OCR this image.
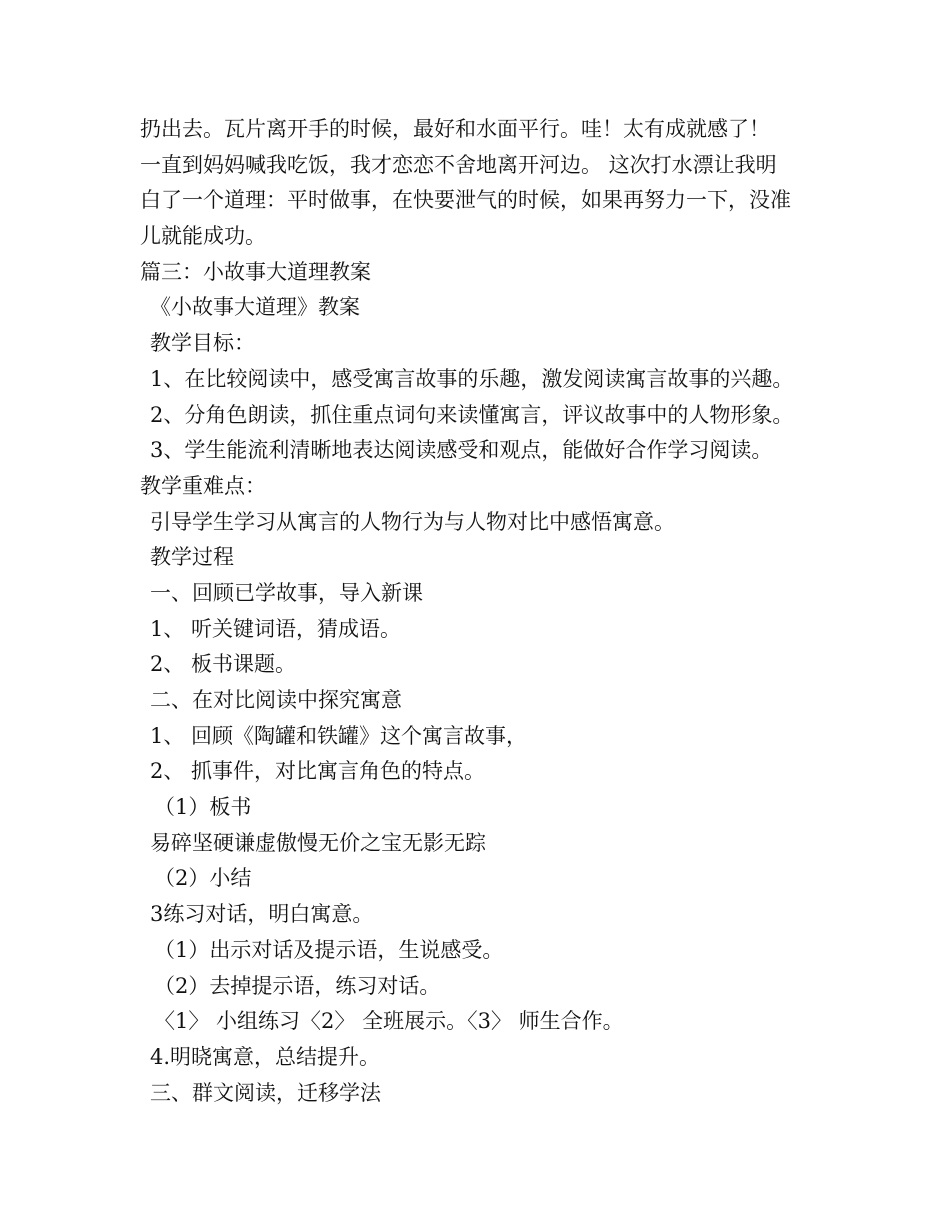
扔出去。瓦片离开手的时候，最好和水面平行。哇！太有成就感了！
一直到妈妈喊我吃饭，我才恋恋不舍地离开河边。 这次打水漂让我明
白了一个道理：平时做事，在快要泄气的时候，如果再努力一下，没准
儿就能成功。
篇三：小故事大道理教案
《小故事大道理》教案
教学目标：
1、在比较阅读中，感受寓言故事的乐趣，激发阅读寓言故事的兴趣。
2、分角色朗读，抓住重点词句来读懂寓言，评议故事中的人物形象。
3、学生能流利清晰地表达阅读感受和观点，能做好合作学习阅读。
教学重难点：
引导学生学习从寓言的人物行为与人物对比中感悟寓意。
教学过程
一、回顾已学故事，导入新课
1、 听关键词语，猜成语。
2、 板书课题。
二、在对比阅读中探究寓意
1、 回顾《陶罐和铁罐》这个寓言故事，
2、 抓事件，对比寓言角色的特点。
（1）板书
易碎坚硬谦虚傲慢无价之宝无影无踪
（2）小结
3练习对话，明白寓意。
（1）出示对话及提示语，生说感受。
（2）去掉提示语，练习对话。
〈1〉 小组练习〈2〉 全班展示。〈3〉 师生合作。
4.明晓寓意，总结提升。
三、群文阅读，迁移学法
